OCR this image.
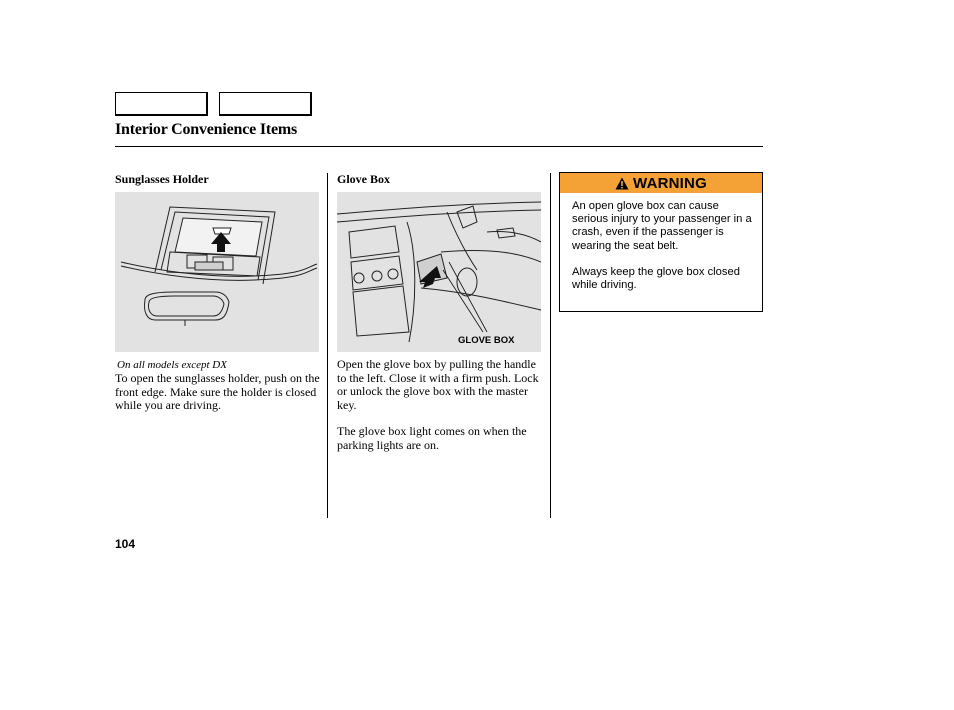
Interior Convenience Items
Sunglasses Holder
On all models except DX
To open the sunglasses holder, push on the front edge. Make sure the holder is closed while you are driving.
Glove Box
GLOVE BOX
Open the glove box by pulling the handle to the left. Close it with a firm push. Lock or unlock the glove box with the master key.
The glove box light comes on when the parking lights are on.
WARNING

An open glove box can cause serious injury to your passenger in a crash, even if the passenger is wearing the seat belt.

Always keep the glove box closed while driving.

104
